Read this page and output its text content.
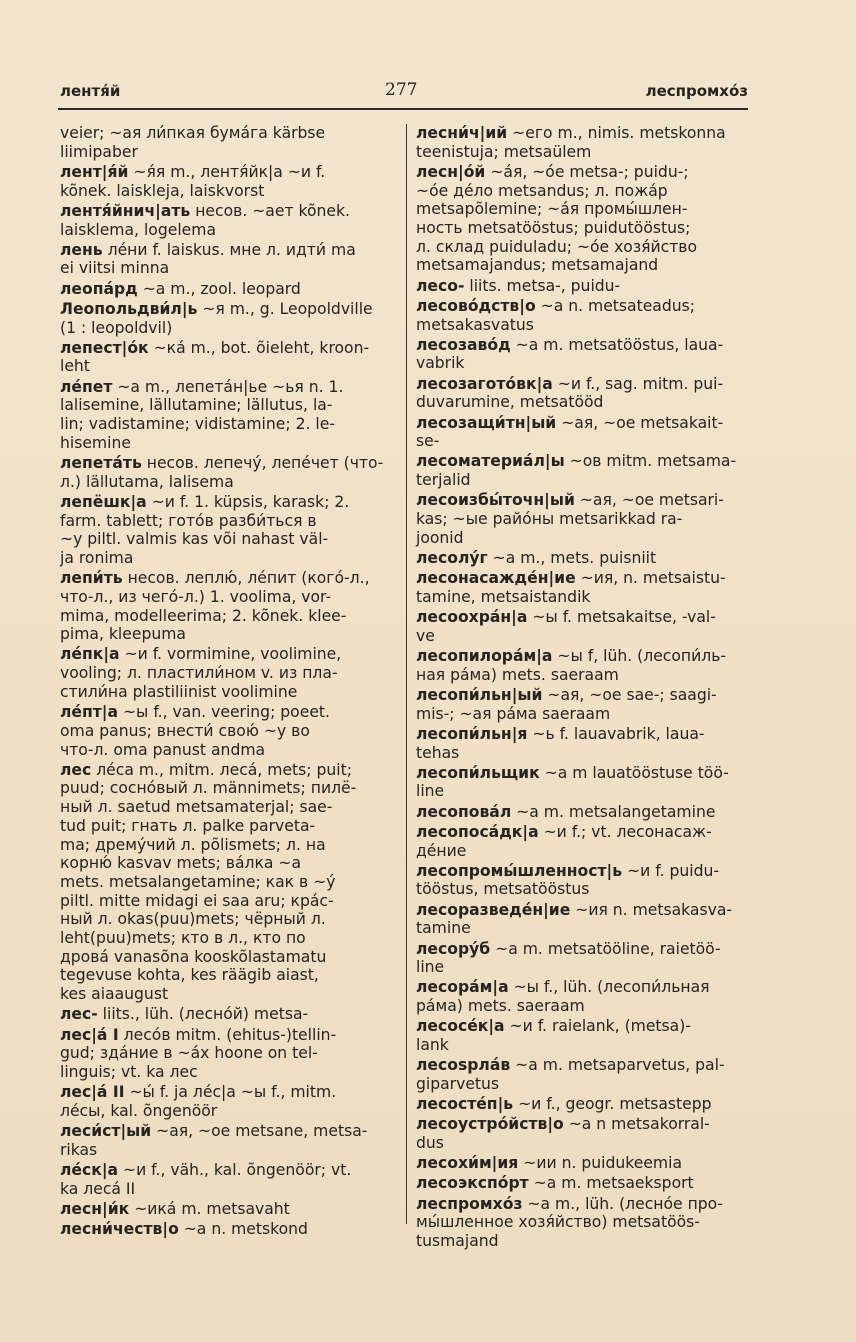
лентя́й	277	леспромхо́з
veier; ~ая ли́пкая бума́га kärbse
liimipaber
лент|я́й ~я́я m., лентя́йк|а ~и f.
kõnek. laiskleja, laiskvorst
лентя́йнич|ать несов. ~ает kõnek.
laisklema, logelema
лень ле́ни f. laiskus. мне л. идти́ ma
ei viitsi minna
леопа́рд ~а m., zool. leopard
Леопольдви́л|ь ~я m., g. Leopoldville
(1 : leopoldvil)
лепест|о́к ~ка́ m., bot. õieleht, kroon-
leht
ле́пет ~а m., лепета́н|ье ~ья n. 1.
lalisemine, lällutamine; lällutus, la-
lin; vadistamine; vidistamine; 2. le-
hisemine
лепета́ть несов. лепечу́, лепе́чет (что-
л.) lällutama, lalisema
лепёшк|а ~и f. 1. küpsis, karask; 2.
farm. tablett; гото́в разби́ться в
~у piltl. valmis kas või nahast väl-
ja ronima
лепи́ть несов. леплю́, ле́пит (кого́-л.,
что-л., из чего́-л.) 1. voolima, vor-
mima, modelleerima; 2. kõnek. klee-
pima, kleepuma
ле́пк|а ~и f. vormimine, voolimine,
vooling; л. пластили́ном v. из пла-
стили́на plastiliinist voolimine
ле́пт|а ~ы f., van. veering; poeet.
oma panus; внести́ свою́ ~у во
что-л. oma panust andma
лес ле́са m., mitm. леса́, mets; puit;
puud; сосно́вый л. männimets; пилё-
ный л. saetud metsamaterjal; sae-
tud puit; гнать л. palke parveta-
ma; дрему́чий л. põlismets; л. на
корню́ kasvav mets; ва́лка ~а
mets. metsalangetamine; как в ~у́
piltl. mitte midagi ei saa aru; кра́с-
ный л. okas(puu)mets; чёрный л.
leht(puu)mets; кто в л., кто по
дрова́ vanasõna kooskõlastamatu
tegevuse kohta, kes räägib aiast,
kes aiaaugust
лес- liits., lüh. (лесно́й) metsa-
лес|а́ I лесо́в mitm. (ehitus-)tellin-
gud; зда́ние в ~а́х hoone on tel-
linguis; vt. ka лес
лес|а́ II ~ы́ f. ja ле́с|а ~ы f., mitm.
ле́сы, kal. õngenöör
леси́ст|ый ~ая, ~ое metsane, metsa-
rikas
ле́ск|а ~и f., väh., kal. õngenöör; vt.
ka леса́ II
лесн|и́к ~ика́ m. metsavaht
лесни́честв|о ~а n. metskond
лесни́ч|ий ~его m., nimis. metskonna
teenistuja; metsaülem
лесн|о́й ~а́я, ~о́е metsa-; puidu-;
~о́е де́ло metsandus; л. пожа́р
metsapõlemine; ~а́я промы́шлен-
ность metsatööstus; puidutööstus;
л. склад puiduladu; ~о́е хозя́йство
metsamajandus; metsamajand
лесо- liits. metsa-, puidu-
лесово́дств|о ~а n. metsateadus;
metsakasvatus
лесозаво́д ~а m. metsatööstus, laua-
vabrik
лесозагото́вк|а ~и f., sag. mitm. pui-
duvarumine, metsatööd
лесозащи́тн|ый ~ая, ~ое metsakait-
se-
лесоматериа́л|ы ~ов mitm. metsama-
terjalid
лесоизбы́точн|ый ~ая, ~ое metsari-
kas; ~ые райо́ны metsarikkad ra-
joonid
лесолу́г ~а m., mets. puisniit
лесонасажде́н|ие ~ия, n. metsaistu-
tamine, metsaistandik
лесоохра́н|а ~ы f. metsakaitse, -val-
ve
лесопилора́м|а ~ы f, lüh. (лесопи́ль-
ная ра́ма) mets. saeraam
лесопи́льн|ый ~ая, ~ое sae-; saagi-
mis-; ~ая ра́ма saeraam
лесопи́льн|я ~ь f. lauavabrik, laua-
tehas
лесопи́льщик ~а m lauatööstuse töö-
line
лесопова́л ~а m. metsalangetamine
лесопоса́дк|а ~и f.; vt. лесонасаж-
де́ние
лесопромы́шленност|ь ~и f. puidu-
tööstus, metsatööstus
лесоразведе́н|ие ~ия n. metsakasva-
tamine
лесору́б ~а m. metsatööline, raietöö-
line
лесора́м|а ~ы f., lüh. (лесопи́льная
ра́ма) mets. saeraam
лесосе́к|а ~и f. raielank, (metsa)-
lank
лесospла́в ~а m. metsaparvetus, pal-
giparvetus
лесосте́п|ь ~и f., geogr. metsastepp
лесоустро́йств|о ~а n metsakorral-
dus
лесохи́м|ия ~ии n. puidukeemia
лесоэкспо́рт ~а m. metsaeksport
леспромхо́з ~а m., lüh. (лесно́е про-
мы́шленное хозя́йство) metsatöös-
tusmajand
